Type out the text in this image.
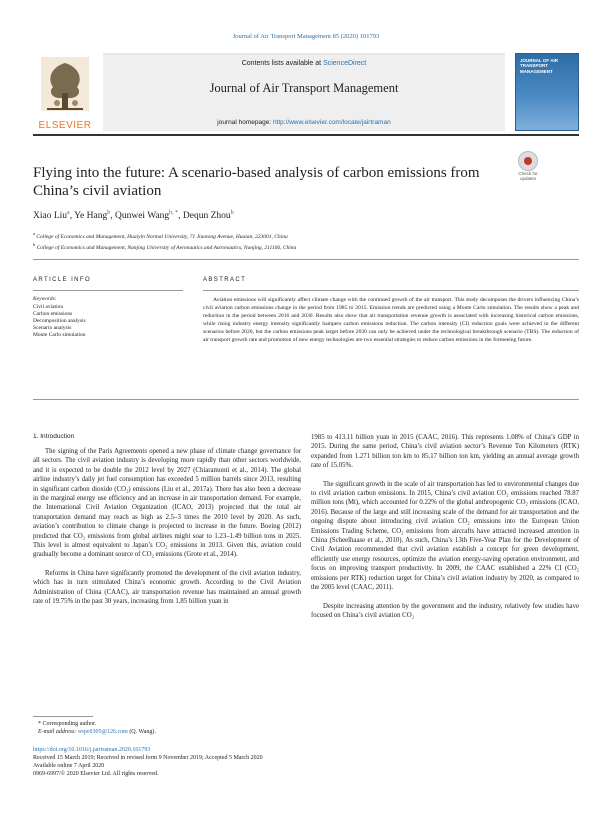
Journal of Air Transport Management 85 (2020) 101793
ELSEVIER
Contents lists available at ScienceDirect
Journal of Air Transport Management
journal homepage: http://www.elsevier.com/locate/jairtraman
JOURNAL OF AIR TRANSPORT MANAGEMENT
Flying into the future: A scenario-based analysis of carbon emissions from China’s civil aviation
Check for updates
Xiao Liu$^a$, Ye Hang$^b$, Qunwei Wang$^{b, *}$, Dequn Zhou$^b$
$^a$ College of Economics and Management, Huaiyin Normal University, 71 Jiaotong Avenue, Huaian, 223001, China
$^b$ College of Economics and Management, Nanjing University of Aeronautics and Astronautics, Nanjing, 211106, China
ARTICLE INFO
Keywords:
Civil aviation
Carbon emissions
Decomposition analysis
Scenario analysis
Monte Carlo simulation
ABSTRACT
Aviation emissions will significantly affect climate change with the continued growth of the air transport. This study decomposes the drivers influencing China’s civil aviation carbon emissions change in the period from 1985 to 2015. Emission trends are predicted using a Monte Carlo simulation. The results show a peak and reduction in the period between 2016 and 2030. Results also show that air transportation revenue growth is associated with increasing historical carbon emissions, while rising industry energy intensity significantly hampers carbon emissions reduction. The carbon intensity (CI) reduction goals were achieved in the different scenarios before 2020, but the carbon emissions peak target before 2030 can only be achieved under the technological breakthrough scenario (TBS). The reduction of air transport growth rate and promotion of new energy technologies are two essential strategies to reduce carbon emissions in the foreseeing future.
1. Introduction

The signing of the Paris Agreements opened a new phase of climate change governance for all sectors. The civil aviation industry is developing more rapidly than other sectors worldwide, and it is expected to be double the 2012 level by 2027 (Chiaramonti et al., 2014). The global airline industry’s daily jet fuel consumption has exceeded 5 million barrels since 2013, resulting in significant carbon dioxide (CO₂) emissions (Liu et al., 2017a). There has also been a decrease in the marginal energy use efficiency and an increase in air transportation demand. For example, the International Civil Aviation Organization (ICAO, 2013) projected that the total air transportation demand may reach as high as 2.5–3 times the 2010 level by 2020. As such, aviation’s contribution to climate change is projected to increase in the future. Boeing (2012) predicted that CO₂ emissions from global airlines might soar to 1.23–1.49 billion tons in 2025. This level is almost equivalent to Japan’s CO₂ emissions in 2013. Given this, aviation could gradually become a dominant source of CO₂ emissions (Grote et al., 2014).

Reforms in China have significantly promoted the development of the civil aviation industry, which has in turn stimulated China’s economic growth. According to the Civil Aviation Administration of China (CAAC), air transportation revenue has maintained an annual growth rate of 19.75% in the past 30 years, increasing from 1.85 billion yuan in

1985 to 413.11 billion yuan in 2015 (CAAC, 2016). This represents 1.08% of China’s GDP in 2015. During the same period, China’s civil aviation sector’s Revenue Ton Kilometers (RTK) expanded from 1.271 billion ton km to 85.17 billion ton km, yielding an annual average growth rate of 15.05%.

The significant growth in the scale of air transportation has led to environmental changes due to civil aviation carbon emissions. In 2015, China’s civil aviation CO₂ emissions reached 78.87 million tons (Mt), which accounted for 0.22% of the global anthropogenic CO₂ emissions (ICAO, 2016). Because of the large and still increasing scale of the demand for air transportation and the ongoing dispute about introducing civil aviation CO₂ emissions into the European Union Emissions Trading Scheme, CO₂ emissions from aircrafts have attracted increased attention in China (Scheelhaase et al., 2010). As such, China’s 13th Five-Year Plan for the Development of Civil Aviation recommended that civil aviation establish a concept for green development, efficiently use energy resources, optimize the aviation energy-saving operation environment, and focus on improving transport productivity. In 2009, the CAAC established a 22% CI (CO₂ emissions per RTK) reduction target for China’s civil aviation industry by 2020, as compared to the 2005 level (CAAC, 2011).

Despite increasing attention by the government and the industry, relatively few studies have focused on China’s civil aviation CO₂

* Corresponding author.
E-mail address: wqw0305@126.com (Q. Wang).
https://doi.org/10.1016/j.jairtraman.2020.101793
Received 15 March 2019; Received in revised form 9 November 2019; Accepted 5 March 2020
Available online 7 April 2020
0969-6997/© 2020 Elsevier Ltd. All rights reserved.
